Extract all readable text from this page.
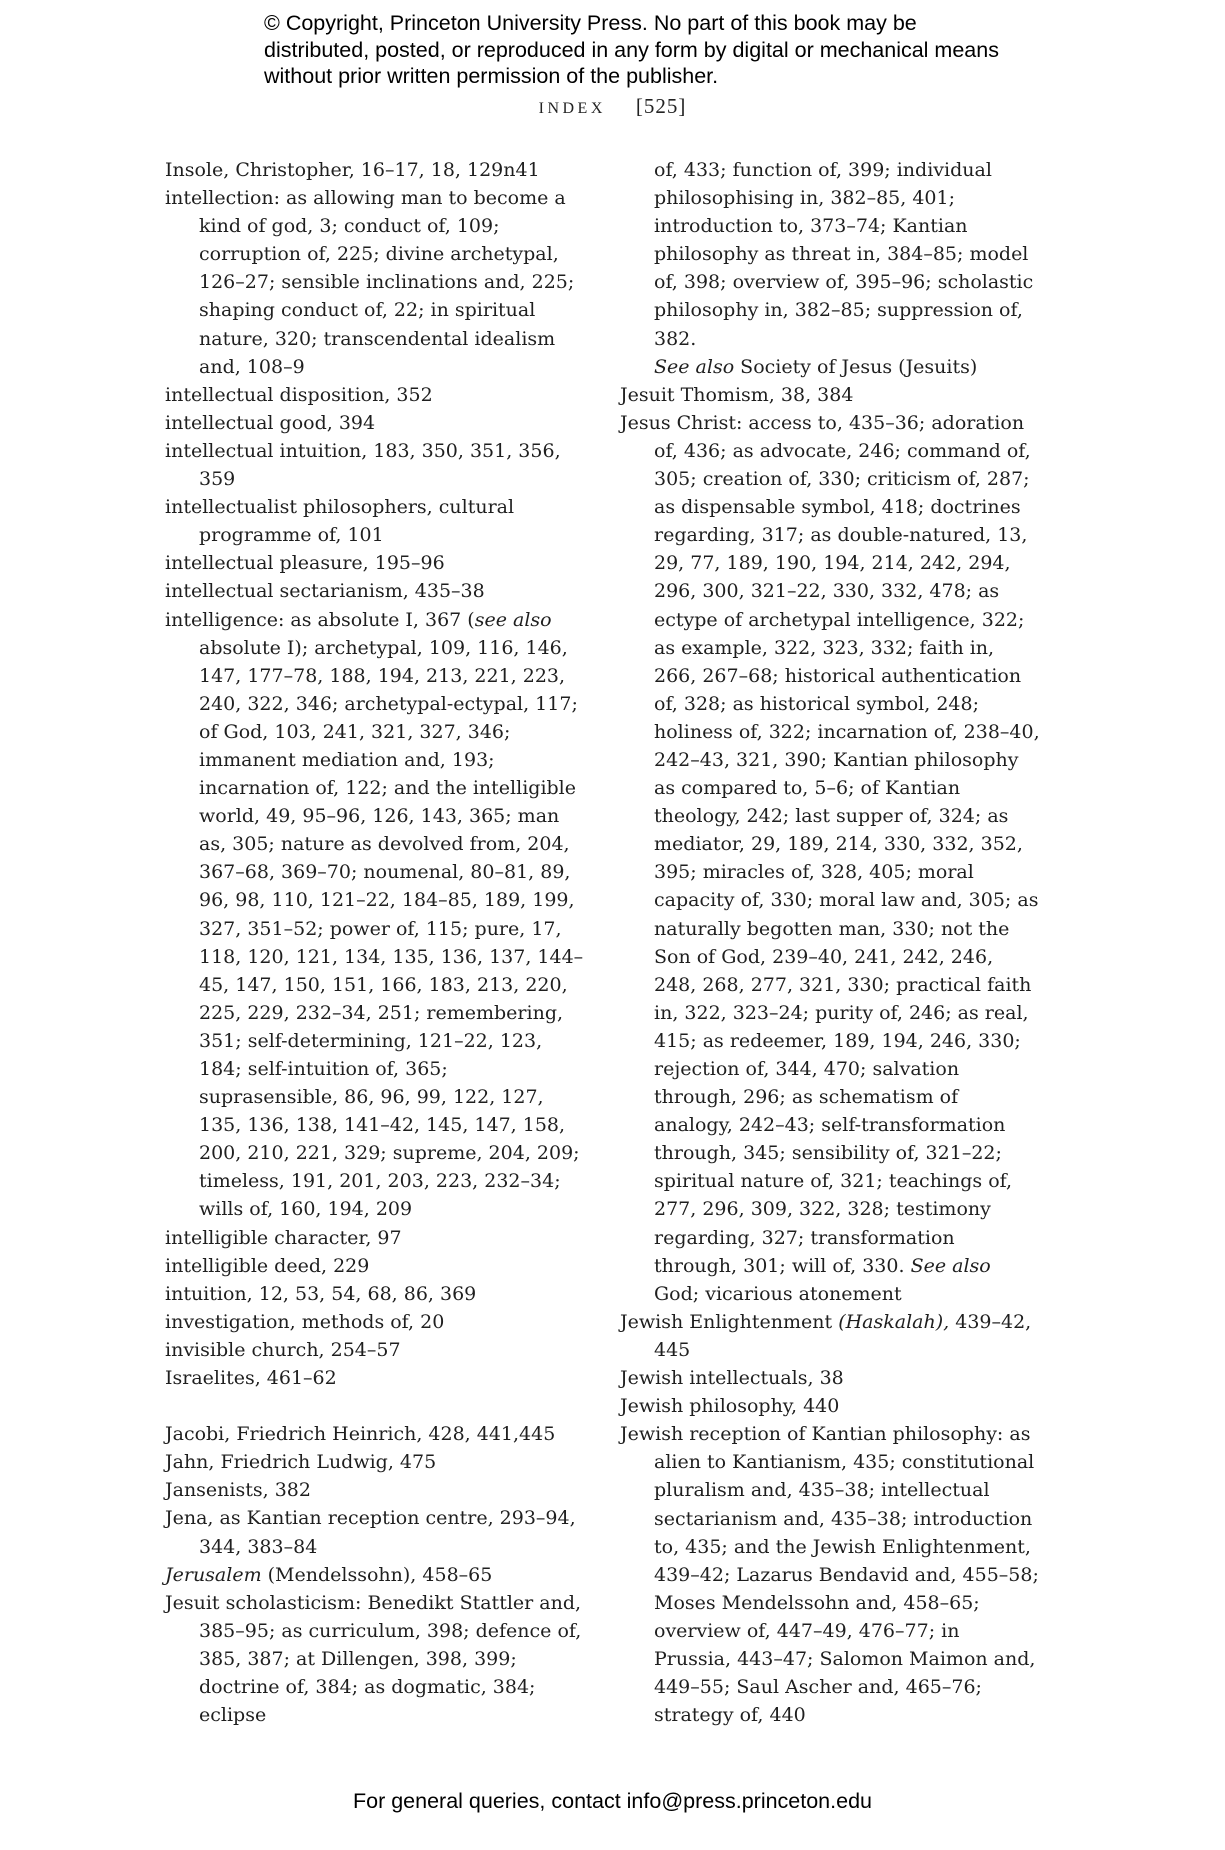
© Copyright, Princeton University Press. No part of this book may be distributed, posted, or reproduced in any form by digital or mechanical means without prior written permission of the publisher.
INDEX [525]

Insole, Christopher, 16–17, 18, 129n41

intellection: as allowing man to become a kind of god, 3; conduct of, 109; corruption of, 225; divine archetypal, 126–27; sensible inclinations and, 225; shaping conduct of, 22; in spiritual nature, 320; transcendental idealism and, 108–9

intellectual disposition, 352

intellectual good, 394

intellectual intuition, 183, 350, 351, 356, 359

intellectualist philosophers, cultural programme of, 101

intellectual pleasure, 195–96

intellectual sectarianism, 435–38

intelligence: as absolute I, 367 (see also absolute I); archetypal, 109, 116, 146, 147, 177–78, 188, 194, 213, 221, 223, 240, 322, 346; archetypal-ectypal, 117; of God, 103, 241, 321, 327, 346; immanent mediation and, 193; incarnation of, 122; and the intelligible world, 49, 95–96, 126, 143, 365; man as, 305; nature as devolved from, 204, 367–68, 369–70; noumenal, 80–81, 89, 96, 98, 110, 121–22, 184–85, 189, 199, 327, 351–52; power of, 115; pure, 17, 118, 120, 121, 134, 135, 136, 137, 144–45, 147, 150, 151, 166, 183, 213, 220, 225, 229, 232–34, 251; remembering, 351; self-determining, 121–22, 123, 184; self-intuition of, 365; suprasensible, 86, 96, 99, 122, 127, 135, 136, 138, 141–42, 145, 147, 158, 200, 210, 221, 329; supreme, 204, 209; timeless, 191, 201, 203, 223, 232–34; wills of, 160, 194, 209

intelligible character, 97

intelligible deed, 229

intuition, 12, 53, 54, 68, 86, 369

investigation, methods of, 20

invisible church, 254–57

Israelites, 461–62

Jacobi, Friedrich Heinrich, 428, 441,445

Jahn, Friedrich Ludwig, 475

Jansenists, 382

Jena, as Kantian reception centre, 293–94, 344, 383–84

Jerusalem (Mendelssohn), 458–65

Jesuit scholasticism: Benedikt Stattler and, 385–95; as curriculum, 398; defence of, 385, 387; at Dillengen, 398, 399; doctrine of, 384; as dogmatic, 384; eclipse

of, 433; function of, 399; individual philosophising in, 382–85, 401; introduction to, 373–74; Kantian philosophy as threat in, 384–85; model of, 398; overview of, 395–96; scholastic philosophy in, 382–85; suppression of, 382.

See also Society of Jesus (Jesuits)

Jesuit Thomism, 38, 384

Jesus Christ: access to, 435–36; adoration of, 436; as advocate, 246; command of, 305; creation of, 330; criticism of, 287; as dispensable symbol, 418; doctrines regarding, 317; as double-natured, 13, 29, 77, 189, 190, 194, 214, 242, 294, 296, 300, 321–22, 330, 332, 478; as ectype of archetypal intelligence, 322; as example, 322, 323, 332; faith in, 266, 267–68; historical authentication of, 328; as historical symbol, 248; holiness of, 322; incarnation of, 238–40, 242–43, 321, 390; Kantian philosophy as compared to, 5–6; of Kantian theology, 242; last supper of, 324; as mediator, 29, 189, 214, 330, 332, 352, 395; miracles of, 328, 405; moral capacity of, 330; moral law and, 305; as naturally begotten man, 330; not the Son of God, 239–40, 241, 242, 246, 248, 268, 277, 321, 330; practical faith in, 322, 323–24; purity of, 246; as real, 415; as redeemer, 189, 194, 246, 330; rejection of, 344, 470; salvation through, 296; as schematism of analogy, 242–43; self-transformation through, 345; sensibility of, 321–22; spiritual nature of, 321; teachings of, 277, 296, 309, 322, 328; testimony regarding, 327; transformation through, 301; will of, 330. See also God; vicarious atonement

Jewish Enlightenment (Haskalah), 439–42, 445

Jewish intellectuals, 38

Jewish philosophy, 440

Jewish reception of Kantian philosophy: as alien to Kantianism, 435; constitutional pluralism and, 435–38; intellectual sectarianism and, 435–38; introduction to, 435; and the Jewish Enlightenment, 439–42; Lazarus Bendavid and, 455–58; Moses Mendelssohn and, 458–65; overview of, 447–49, 476–77; in Prussia, 443–47; Salomon Maimon and, 449–55; Saul Ascher and, 465–76; strategy of, 440

For general queries, contact info@press.princeton.edu
